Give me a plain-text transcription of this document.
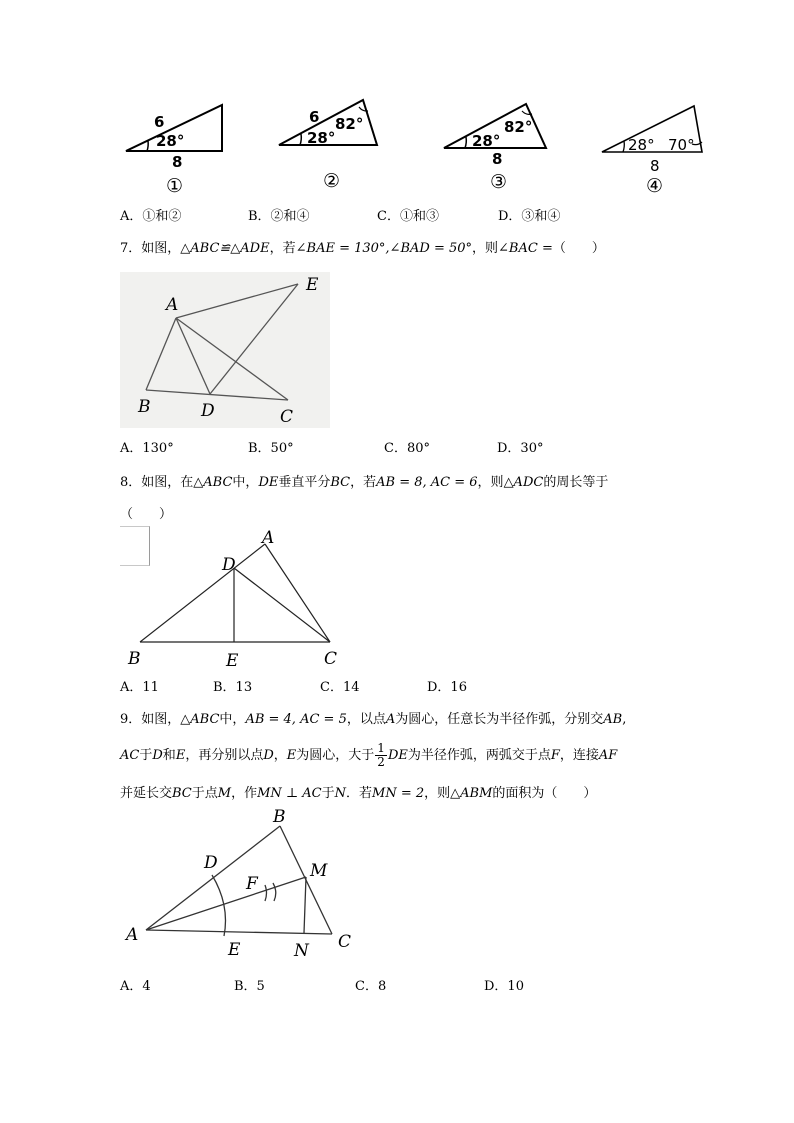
6
28°
8
①
6
28°
82°
②
28°
82°
8
③
28° 70°
8
④
A．①和②	B．②和④	C．①和③	D．③和④
7．如图，△ABC≌△ADE，若∠BAE = 130°,∠BAD = 50°，则∠BAC =（　　）
A
E
B	D	C
A．130°	B．50°	C．80°	D．30°
8．如图，在△ABC中，DE垂直平分BC，若AB = 8, AC = 6，则△ADC的周长等于
（　　）
A
D
B	E	C
A．11	B．13	C．14	D．16
9．如图，△ABC中，AB = 4, AC = 5，以点A为圆心，任意长为半径作弧，分别交AB,
AC于D和E，再分别以点D，E为圆心，大于 $\frac{1}{2}$ DE为半径作弧，两弧交于点F，连接AF
并延长交BC于点M，作MN ⊥ AC于N．若MN = 2，则△ABM的面积为（　　）
A
B
D
F
M
E	N C
A．4	B．5	C．8	D．10
